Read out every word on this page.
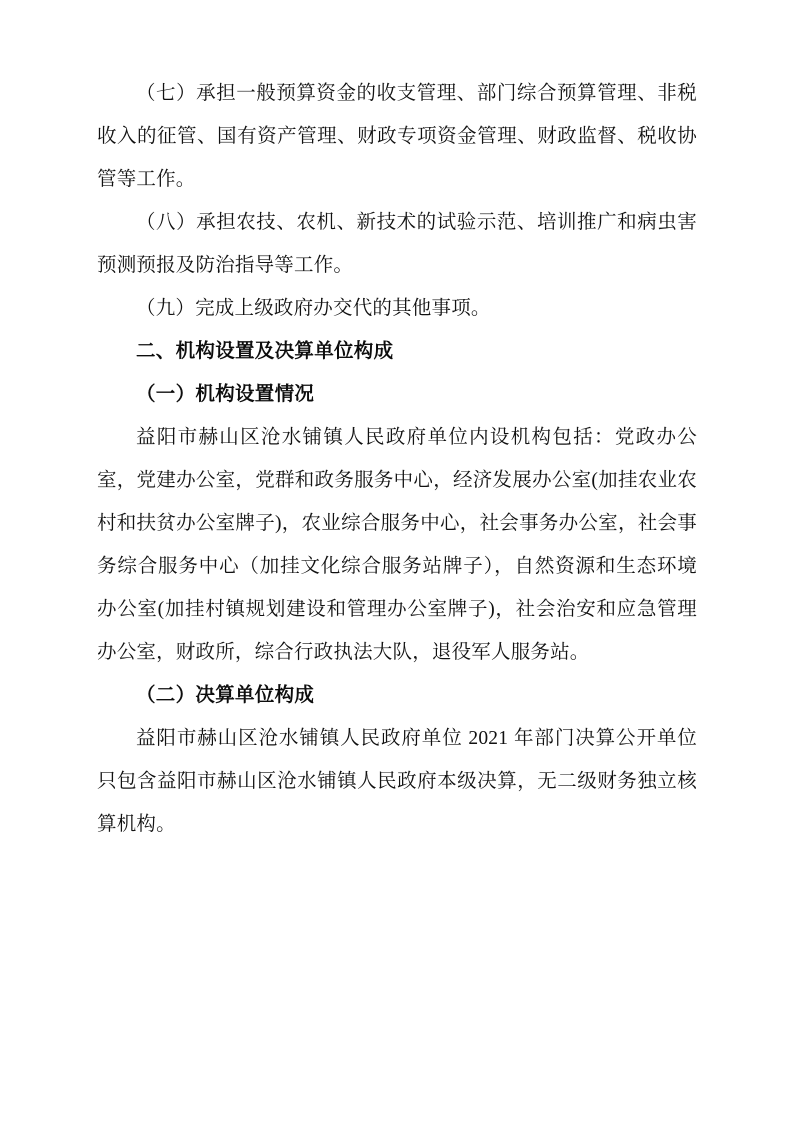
（七）承担一般预算资金的收支管理、部门综合预算管理、非税收入的征管、国有资产管理、财政专项资金管理、财政监督、税收协管等工作。

（八）承担农技、农机、新技术的试验示范、培训推广和病虫害预测预报及防治指导等工作。

（九）完成上级政府办交代的其他事项。

二、机构设置及决算单位构成

（一）机构设置情况

益阳市赫山区沧水铺镇人民政府单位内设机构包括：党政办公室，党建办公室，党群和政务服务中心，经济发展办公室(加挂农业农村和扶贫办公室牌子)，农业综合服务中心，社会事务办公室，社会事务综合服务中心（加挂文化综合服务站牌子），自然资源和生态环境办公室(加挂村镇规划建设和管理办公室牌子)，社会治安和应急管理办公室，财政所，综合行政执法大队，退役军人服务站。

（二）决算单位构成

益阳市赫山区沧水铺镇人民政府单位 2021 年部门决算公开单位只包含益阳市赫山区沧水铺镇人民政府本级决算，无二级财务独立核算机构。
